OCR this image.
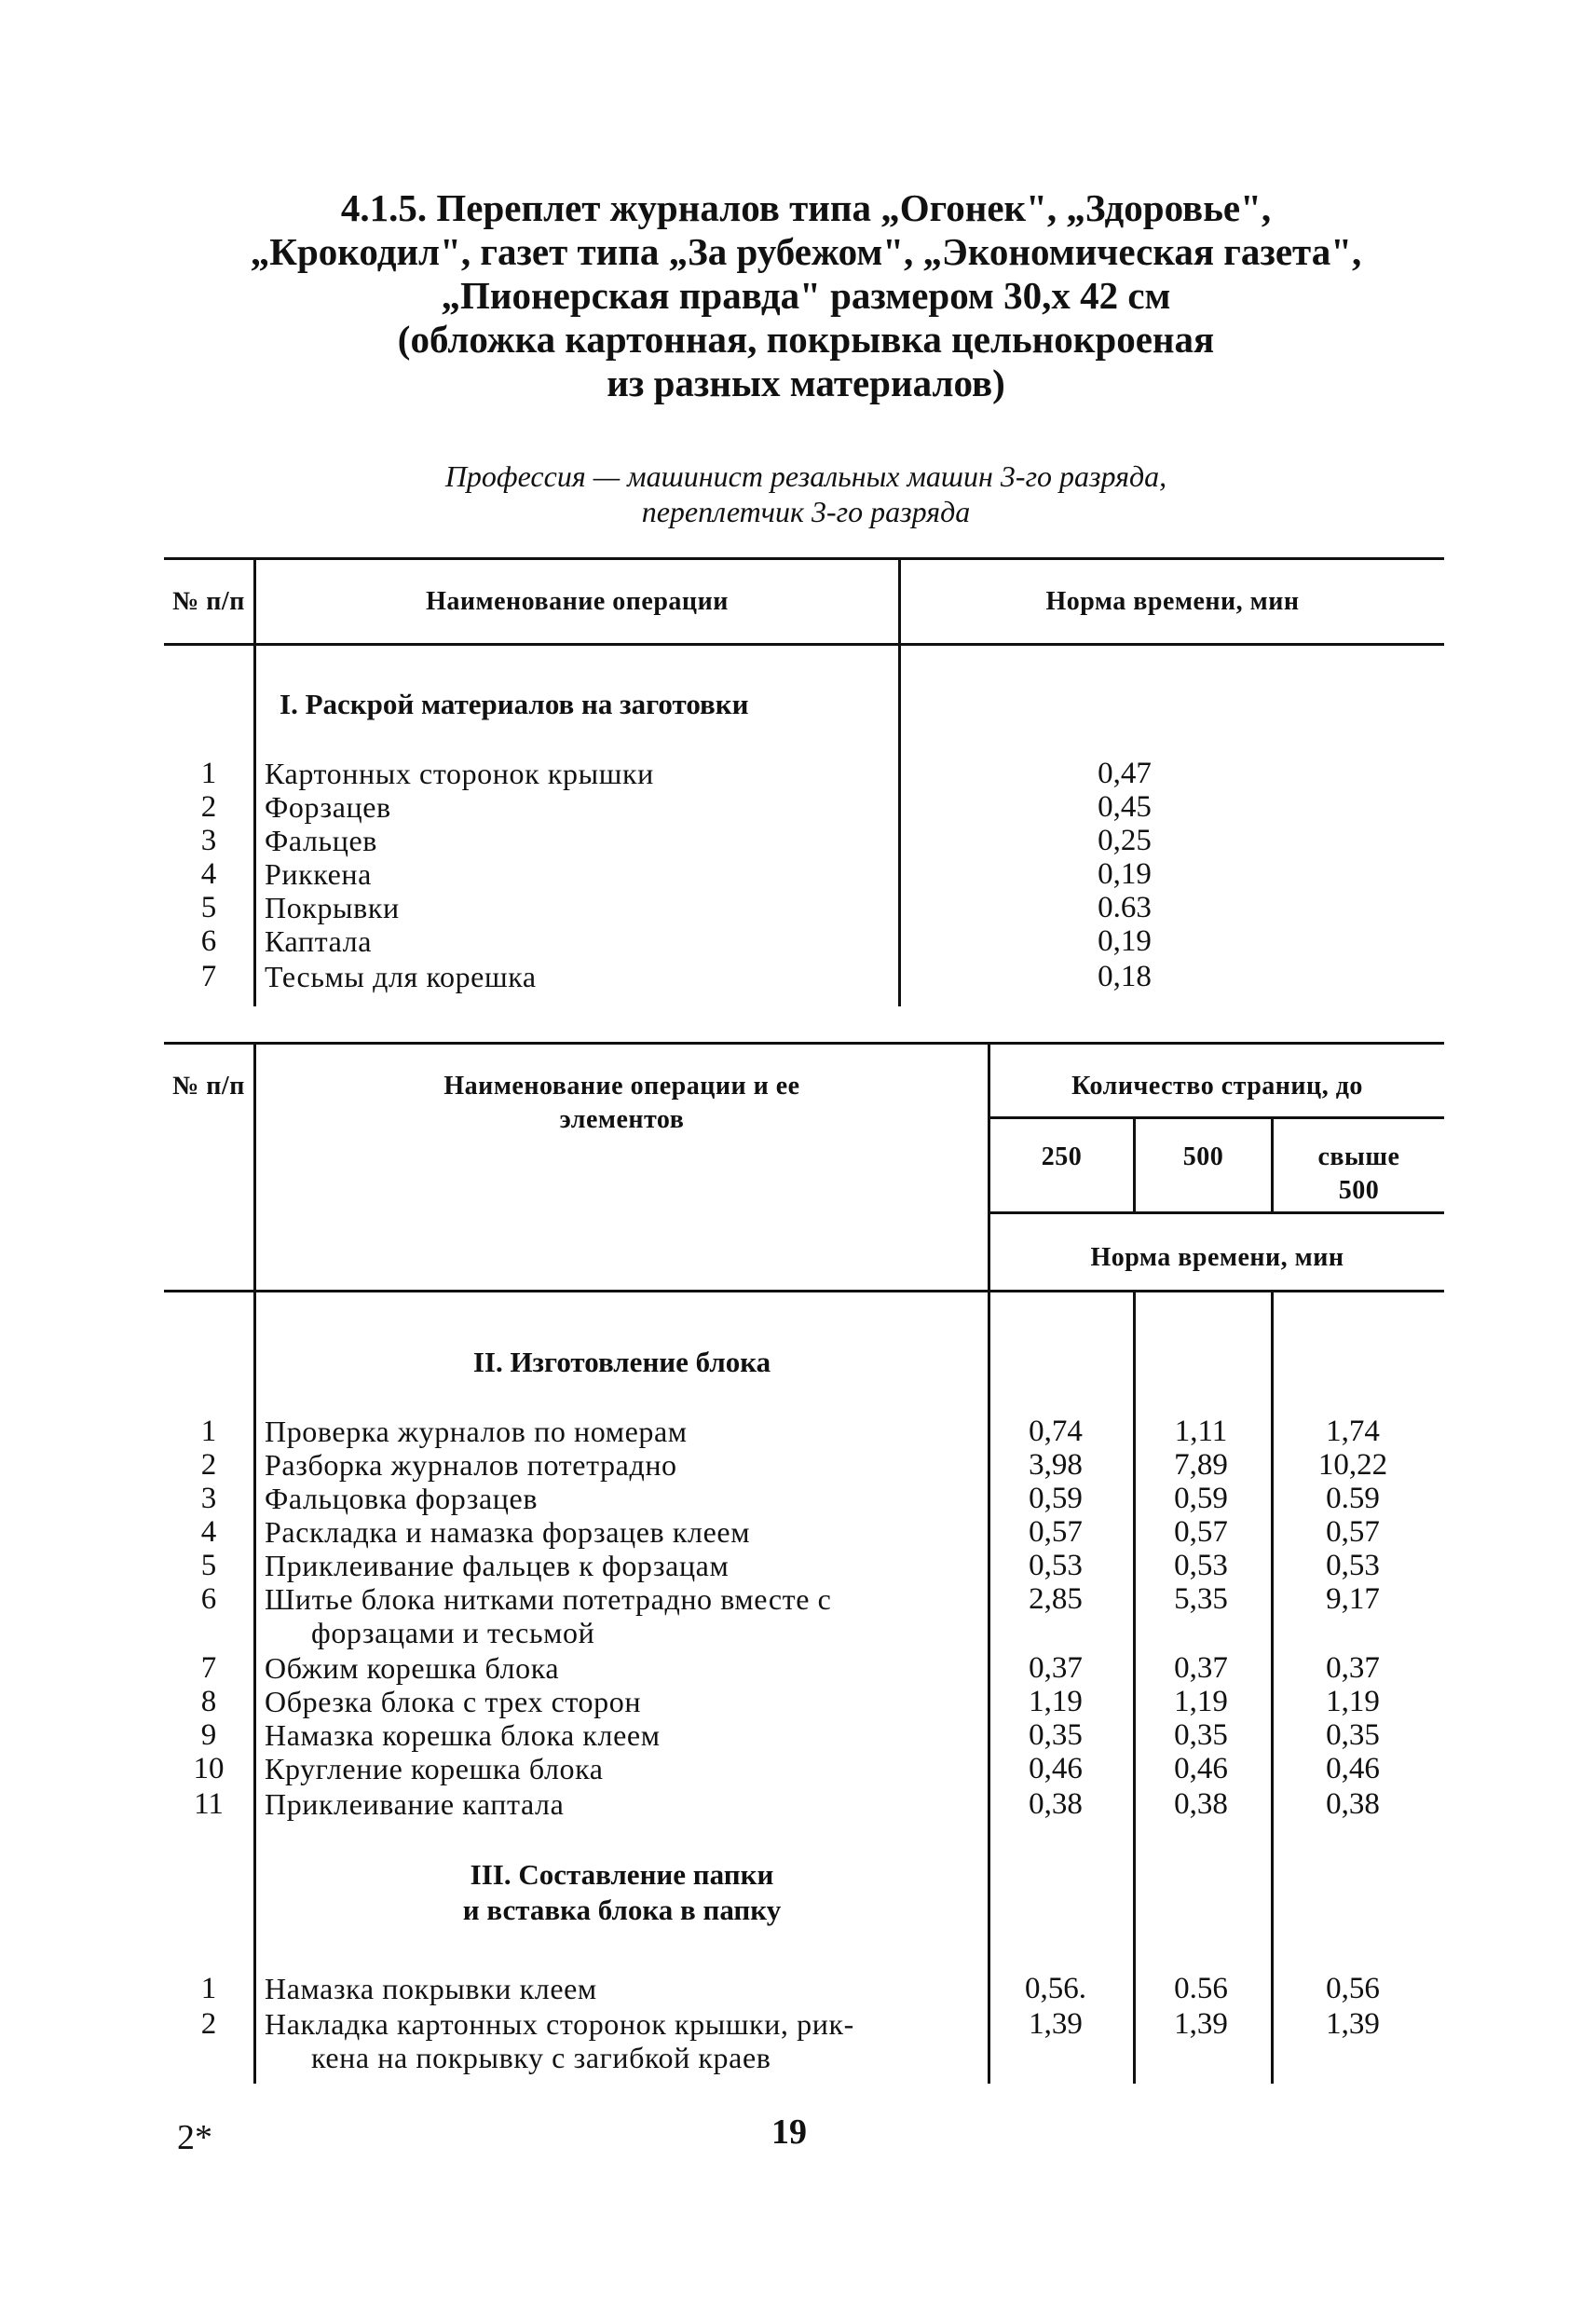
4.1.5. Переплет журналов типа „Огонек", „Здоровье",
„Крокодил", газет типа „За рубежом", „Экономическая газета",
„Пионерская правда" размером 30,x 42 см
(обложка картонная, покрывка цельнокроеная
из разных материалов)
Профессия — машинист резальных машин 3-го разряда,
переплетчик 3-го разряда
№ п/п	Наименование операции	Норма времени, мин
I. Раскрой материалов на заготовки
1	Картонных сторонок крышки	0,47
2	Форзацев	0,45
3	Фальцев	0,25
4	Риккена	0,19
5	Покрывки	0.63
6	Каптала	0,19
7	Тесьмы для корешка	0,18
№ п/п	Наименование операции и ее
элементов
Количество страниц, до
250	500	свыше
500
Норма времени, мин
II. Изготовление блока
1	Проверка журналов по номерам	0,74	1,11	1,74
2	Разборка журналов потетрадно	3,98	7,89	10,22
3	Фальцовка форзацев	0,59	0,59	0.59
4	Раскладка и намазка форзацев клеем	0,57	0,57	0,57
5	Приклеивание фальцев к форзацам	0,53	0,53	0,53
6	Шитье блока нитками потетрадно вместе с
форзацами и тесьмой
2,85	5,35	9,17
7	Обжим корешка блока	0,37	0,37	0,37
8	Обрезка блока с трех сторон	1,19	1,19	1,19
9	Намазка корешка блока клеем	0,35	0,35	0,35
10	Кругление корешка блока	0,46	0,46	0,46
11	Приклеивание каптала	0,38	0,38	0,38
III. Составление папки
и вставка блока в папку
1	Намазка покрывки клеем	0,56.	0.56	0,56
2	Накладка картонных сторонок крышки, рик-
кена на покрывку с загибкой краев
1,39	1,39	1,39
2*	19
